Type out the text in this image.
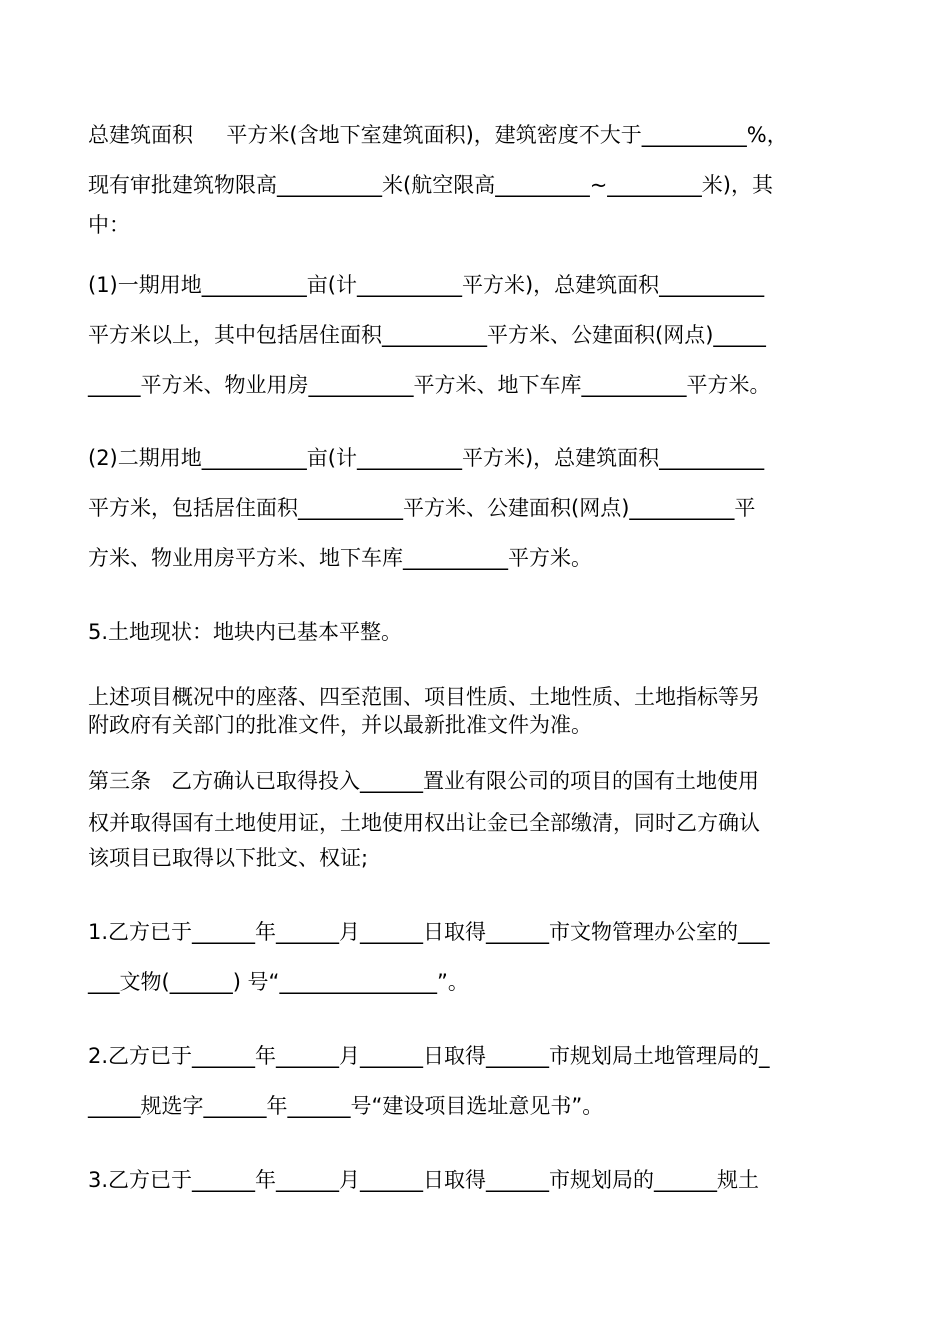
总建筑面积     平方米(含地下室建筑面积)，建筑密度不大于__________%，
现有审批建筑物限高__________米(航空限高_________~_________米)，其
中：
(1)一期用地__________亩(计__________平方米)，总建筑面积__________
平方米以上，其中包括居住面积__________平方米、公建面积(网点)_____
_____平方米、物业用房__________平方米、地下车库__________平方米。
(2)二期用地__________亩(计__________平方米)，总建筑面积__________
平方米，包括居住面积__________平方米、公建面积(网点)__________平
方米、物业用房平方米、地下车库__________平方米。
5.土地现状：地块内已基本平整。
上述项目概况中的座落、四至范围、项目性质、土地性质、土地指标等另
附政府有关部门的批准文件，并以最新批准文件为准。
第三条   乙方确认已取得投入______置业有限公司的项目的国有土地使用
权并取得国有土地使用证，土地使用权出让金已全部缴清，同时乙方确认
该项目已取得以下批文、权证;
1.乙方已于______年______月______日取得______市文物管理办公室的___
___文物(______) 号“_______________”。
2.乙方已于______年______月______日取得______市规划局土地管理局的_
_____规选字______年______号“建设项目选址意见书”。
3.乙方已于______年______月______日取得______市规划局的______规土
